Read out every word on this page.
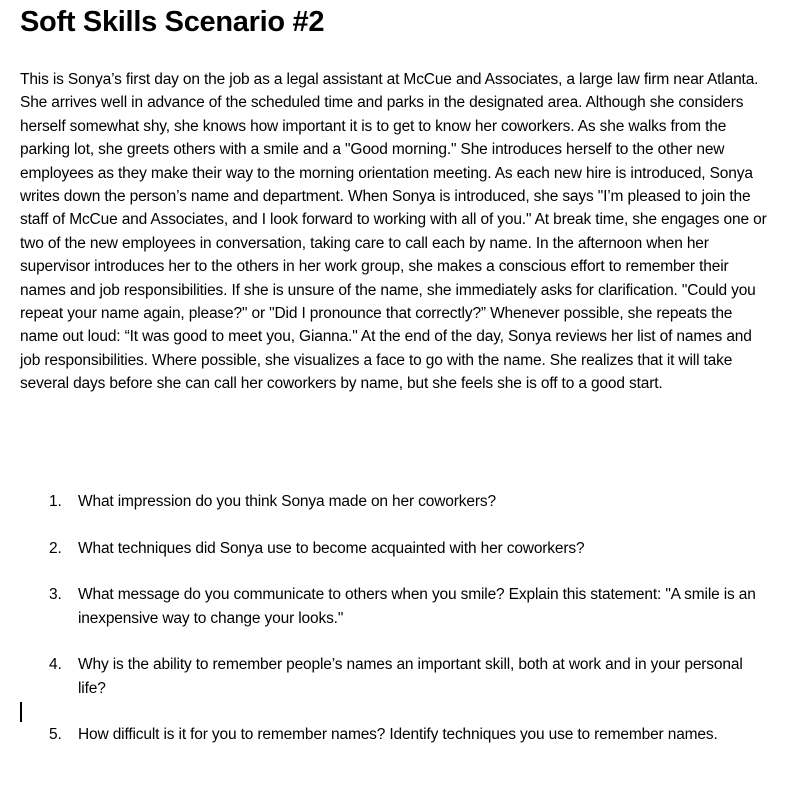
Soft Skills Scenario #2

This is Sonya’s first day on the job as a legal assistant at McCue and Associates, a large law firm near Atlanta. She arrives well in advance of the scheduled time and parks in the designated area. Although she considers herself somewhat shy, she knows how important it is to get to know her coworkers. As she walks from the parking lot, she greets others with a smile and a "Good morning." She introduces herself to the other new employees as they make their way to the morning orientation meeting. As each new hire is introduced, Sonya writes down the person’s name and department. When Sonya is introduced, she says "I’m pleased to join the staff of McCue and Associates, and I look forward to working with all of you." At break time, she engages one or two of the new employees in conversation, taking care to call each by name. In the afternoon when her supervisor introduces her to the others in her work group, she makes a conscious effort to remember their names and job responsibilities. If she is unsure of the name, she immediately asks for clarification. "Could you repeat your name again, please?" or "Did I pronounce that correctly?” Whenever possible, she repeats the name out loud: “It was good to meet you, Gianna." At the end of the day, Sonya reviews her list of names and job responsibilities. Where possible, she visualizes a face to go with the name. She realizes that it will take several days before she can call her coworkers by name, but she feels she is off to a good start.

1. What impression do you think Sonya made on her coworkers?
2. What techniques did Sonya use to become acquainted with her coworkers?
3. What message do you communicate to others when you smile? Explain this statement: "A smile is an inexpensive way to change your looks."
4. Why is the ability to remember people’s names an important skill, both at work and in your personal life?
5. How difficult is it for you to remember names? Identify techniques you use to remember names.
